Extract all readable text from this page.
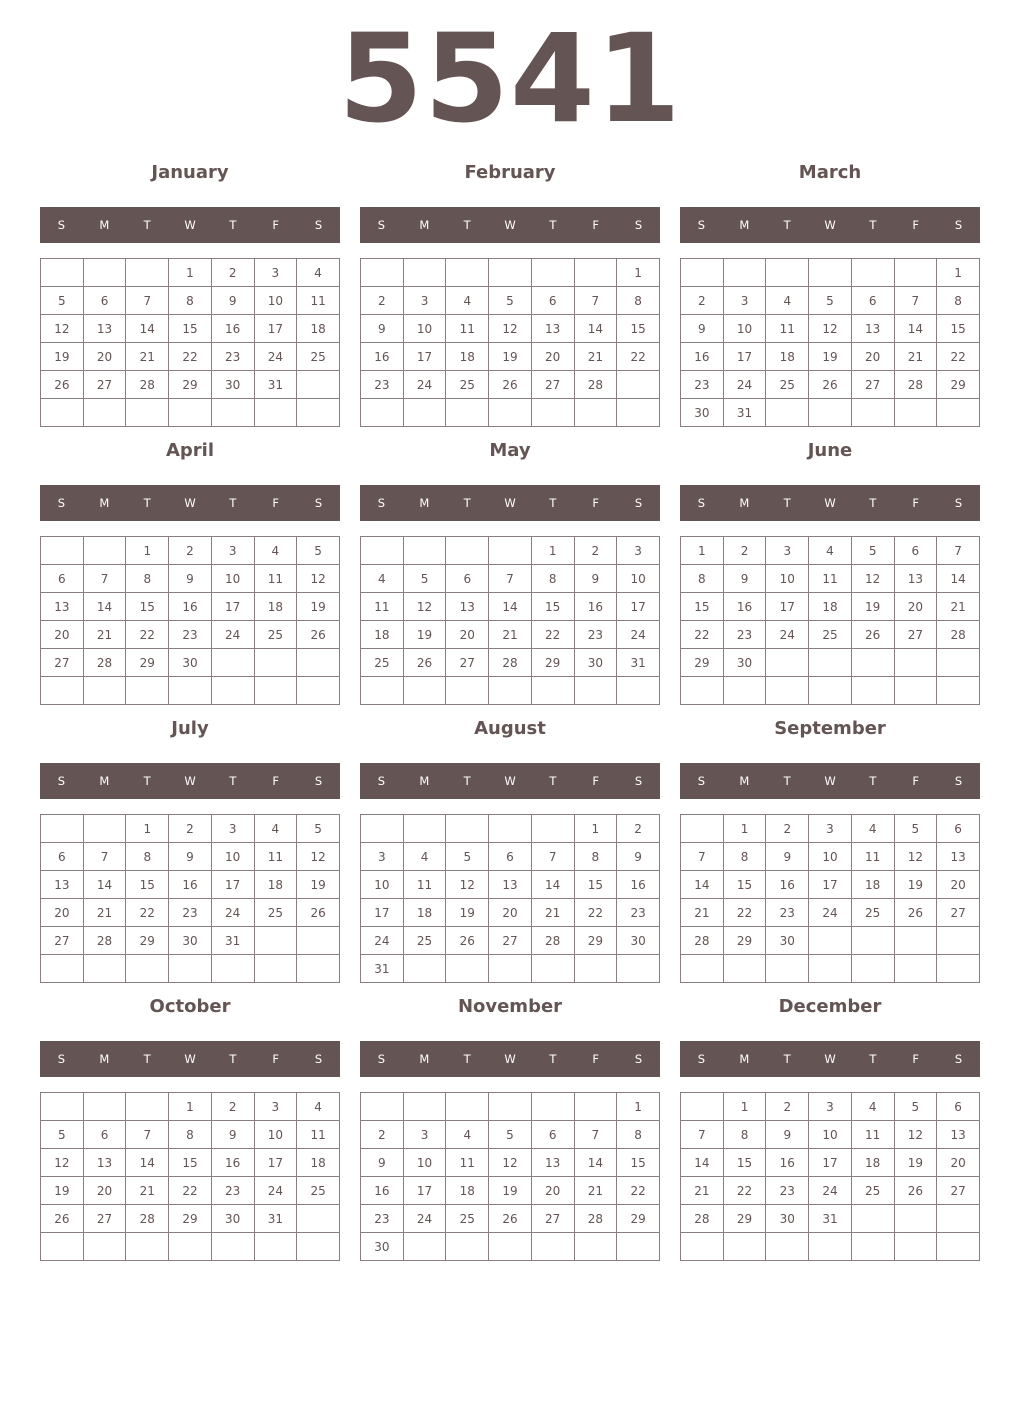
5541
January
S	M	T	W	T	F	S
			1	2	3	4
5	6	7	8	9	10	11
12	13	14	15	16	17	18
19	20	21	22	23	24	25
26	27	28	29	30	31	

February
S	M	T	W	T	F	S
						1
2	3	4	5	6	7	8
9	10	11	12	13	14	15
16	17	18	19	20	21	22
23	24	25	26	27	28	

March
S	M	T	W	T	F	S
						1
2	3	4	5	6	7	8
9	10	11	12	13	14	15
16	17	18	19	20	21	22
23	24	25	26	27	28	29
30	31					
April
S	M	T	W	T	F	S
		1	2	3	4	5
6	7	8	9	10	11	12
13	14	15	16	17	18	19
20	21	22	23	24	25	26
27	28	29	30			

May
S	M	T	W	T	F	S
				1	2	3
4	5	6	7	8	9	10
11	12	13	14	15	16	17
18	19	20	21	22	23	24
25	26	27	28	29	30	31

June
S	M	T	W	T	F	S
1	2	3	4	5	6	7
8	9	10	11	12	13	14
15	16	17	18	19	20	21
22	23	24	25	26	27	28
29	30					

July
S	M	T	W	T	F	S
		1	2	3	4	5
6	7	8	9	10	11	12
13	14	15	16	17	18	19
20	21	22	23	24	25	26
27	28	29	30	31		

August
S	M	T	W	T	F	S
					1	2
3	4	5	6	7	8	9
10	11	12	13	14	15	16
17	18	19	20	21	22	23
24	25	26	27	28	29	30
31						
September
S	M	T	W	T	F	S
	1	2	3	4	5	6
7	8	9	10	11	12	13
14	15	16	17	18	19	20
21	22	23	24	25	26	27
28	29	30				

October
S	M	T	W	T	F	S
			1	2	3	4
5	6	7	8	9	10	11
12	13	14	15	16	17	18
19	20	21	22	23	24	25
26	27	28	29	30	31	

November
S	M	T	W	T	F	S
						1
2	3	4	5	6	7	8
9	10	11	12	13	14	15
16	17	18	19	20	21	22
23	24	25	26	27	28	29
30						
December
S	M	T	W	T	F	S
	1	2	3	4	5	6
7	8	9	10	11	12	13
14	15	16	17	18	19	20
21	22	23	24	25	26	27
28	29	30	31			
